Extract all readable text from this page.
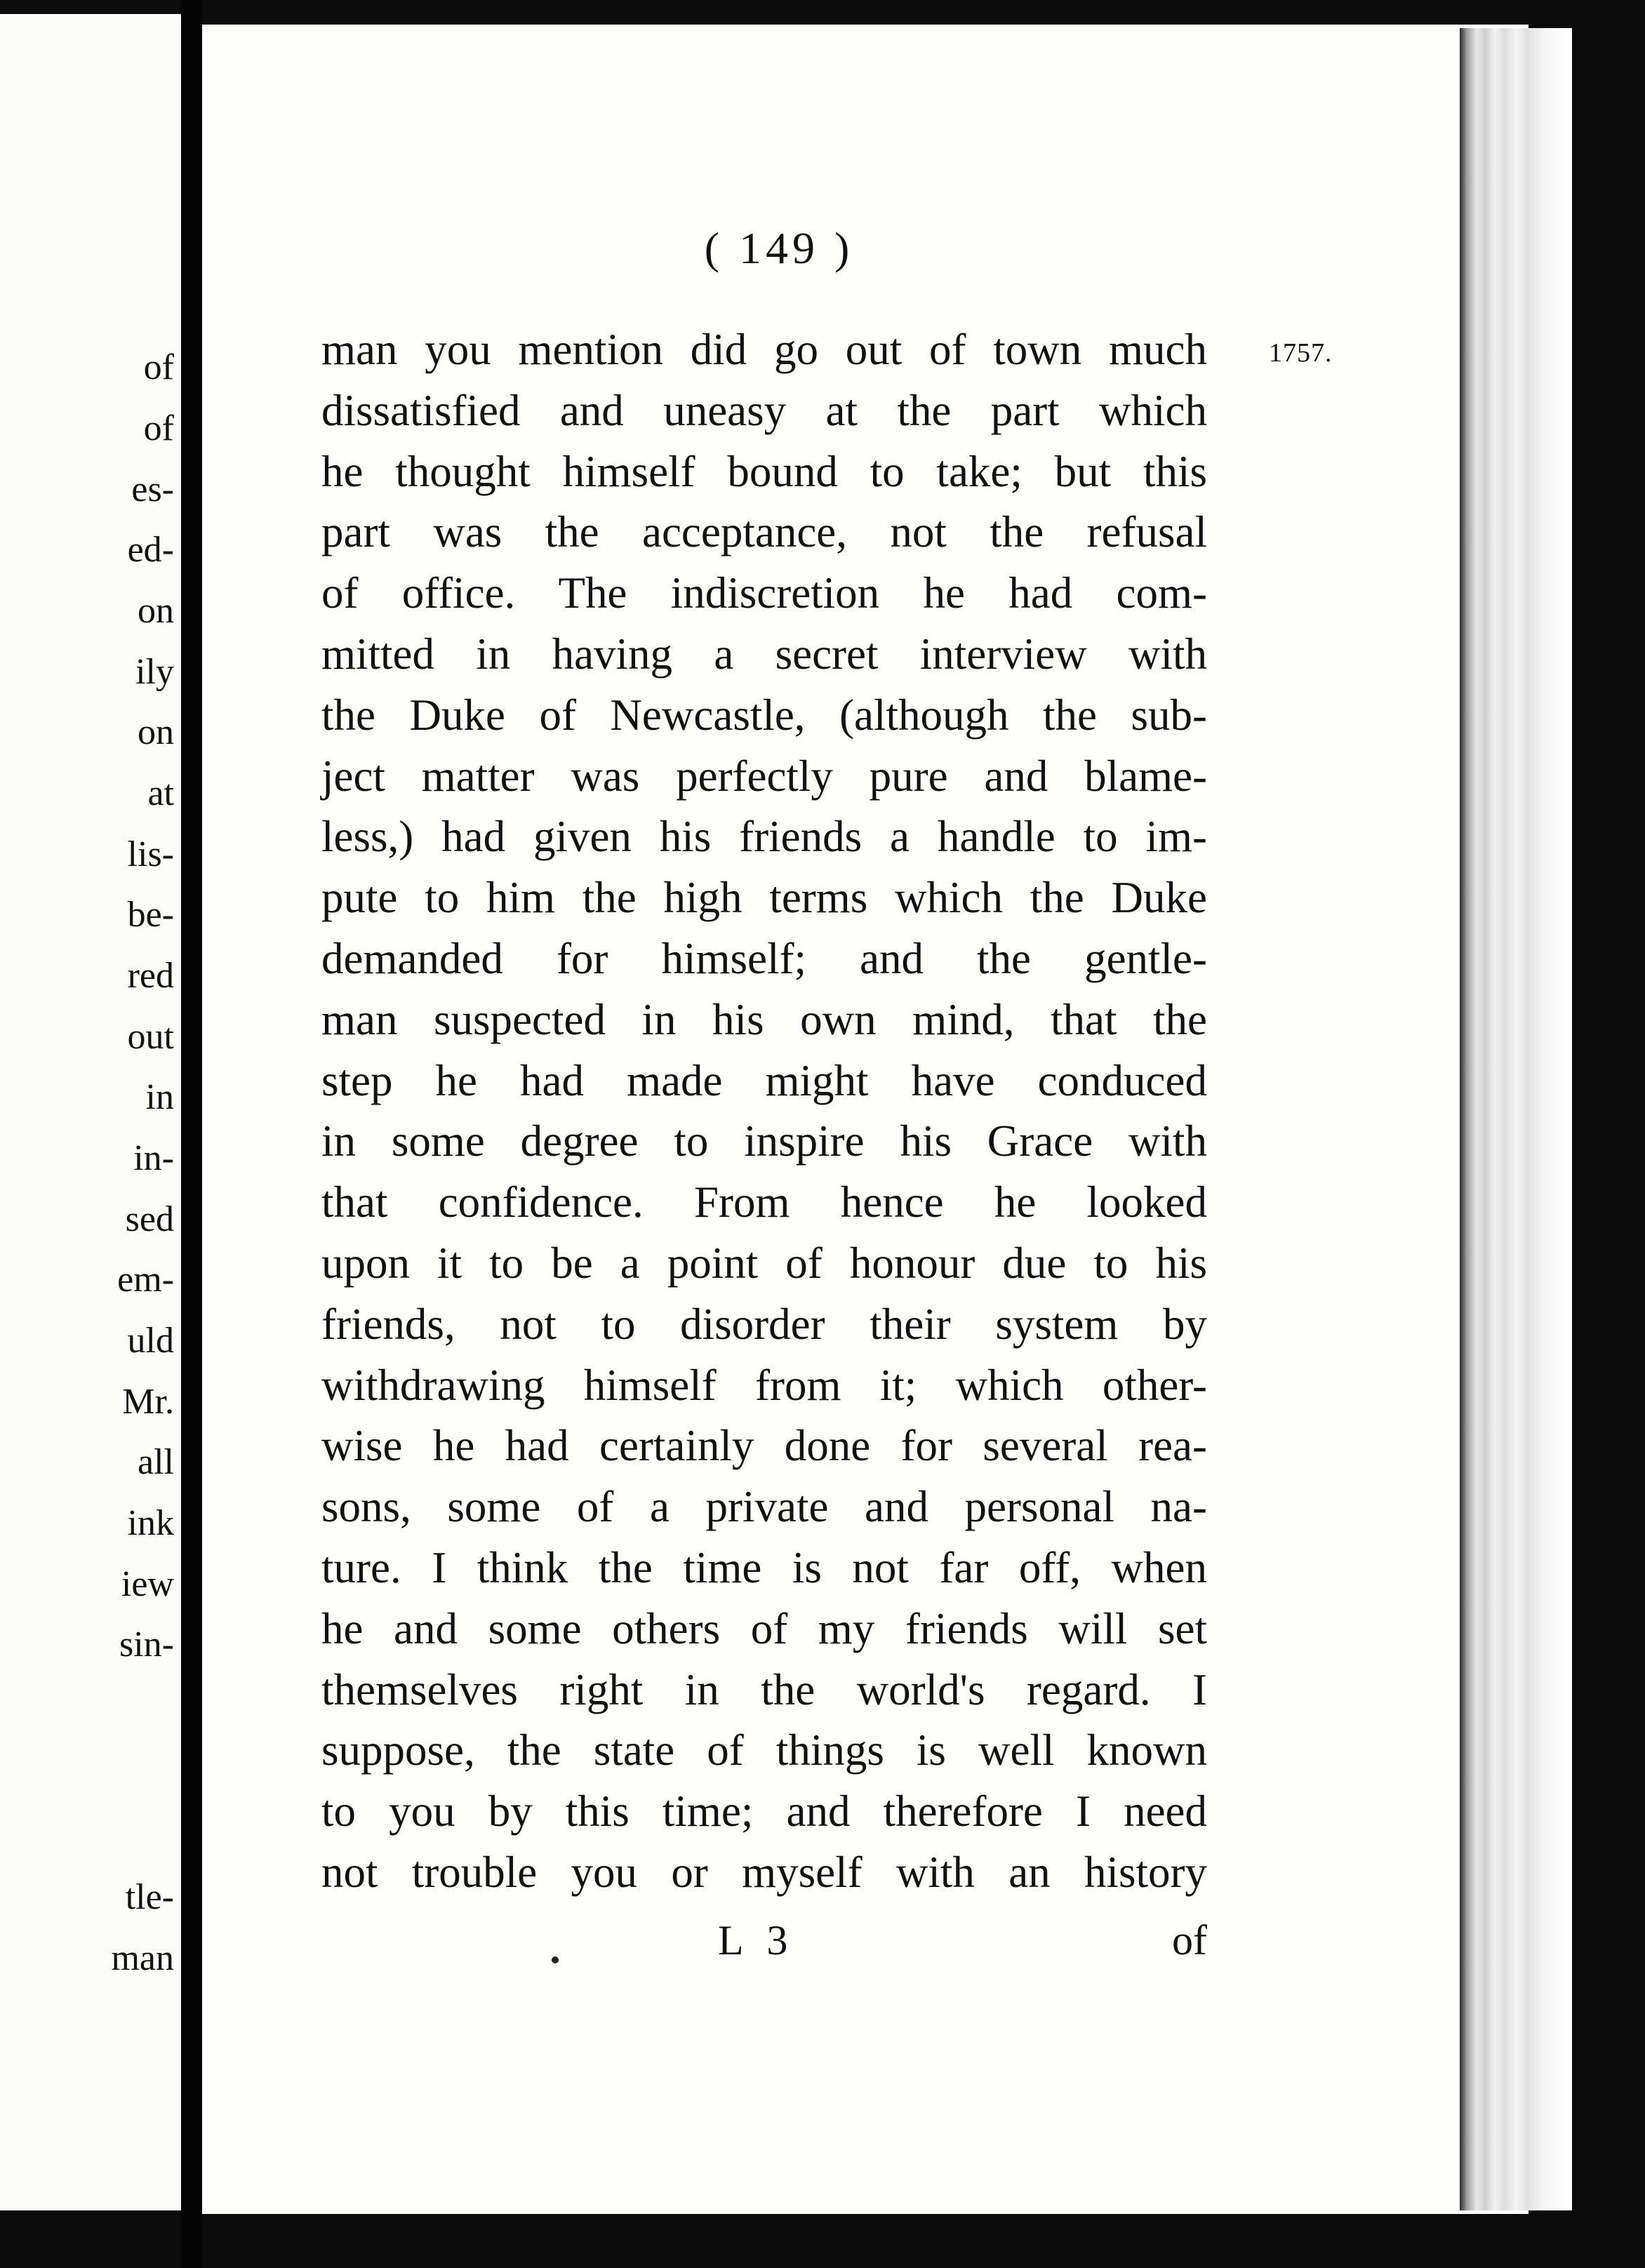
of
of
es-
ed-
on
ily
on
at
lis-
be-
red
out
in
in-
sed
em-
uld
Mr.
all
ink
iew
sin-
tle-
man
( 149 )
1757.
man you mention did go out of town much
dissatisfied and uneasy at the part which
he thought himself bound to take; but this
part was the acceptance, not the refusal
of office. The indiscretion he had com-
mitted in having a secret interview with
the Duke of Newcastle, (although the sub-
ject matter was perfectly pure and blame-
less,) had given his friends a handle to im-
pute to him the high terms which the Duke
demanded for himself; and the gentle-
man suspected in his own mind, that the
step he had made might have conduced
in some degree to inspire his Grace with
that confidence. From hence he looked
upon it to be a point of honour due to his
friends, not to disorder their system by
withdrawing himself from it; which other-
wise he had certainly done for several rea-
sons, some of a private and personal na-
ture. I think the time is not far off, when
he and some others of my friends will set
themselves right in the world's regard. I
suppose, the state of things is well known
to you by this time; and therefore I need
not trouble you or myself with an history
L 3	of
